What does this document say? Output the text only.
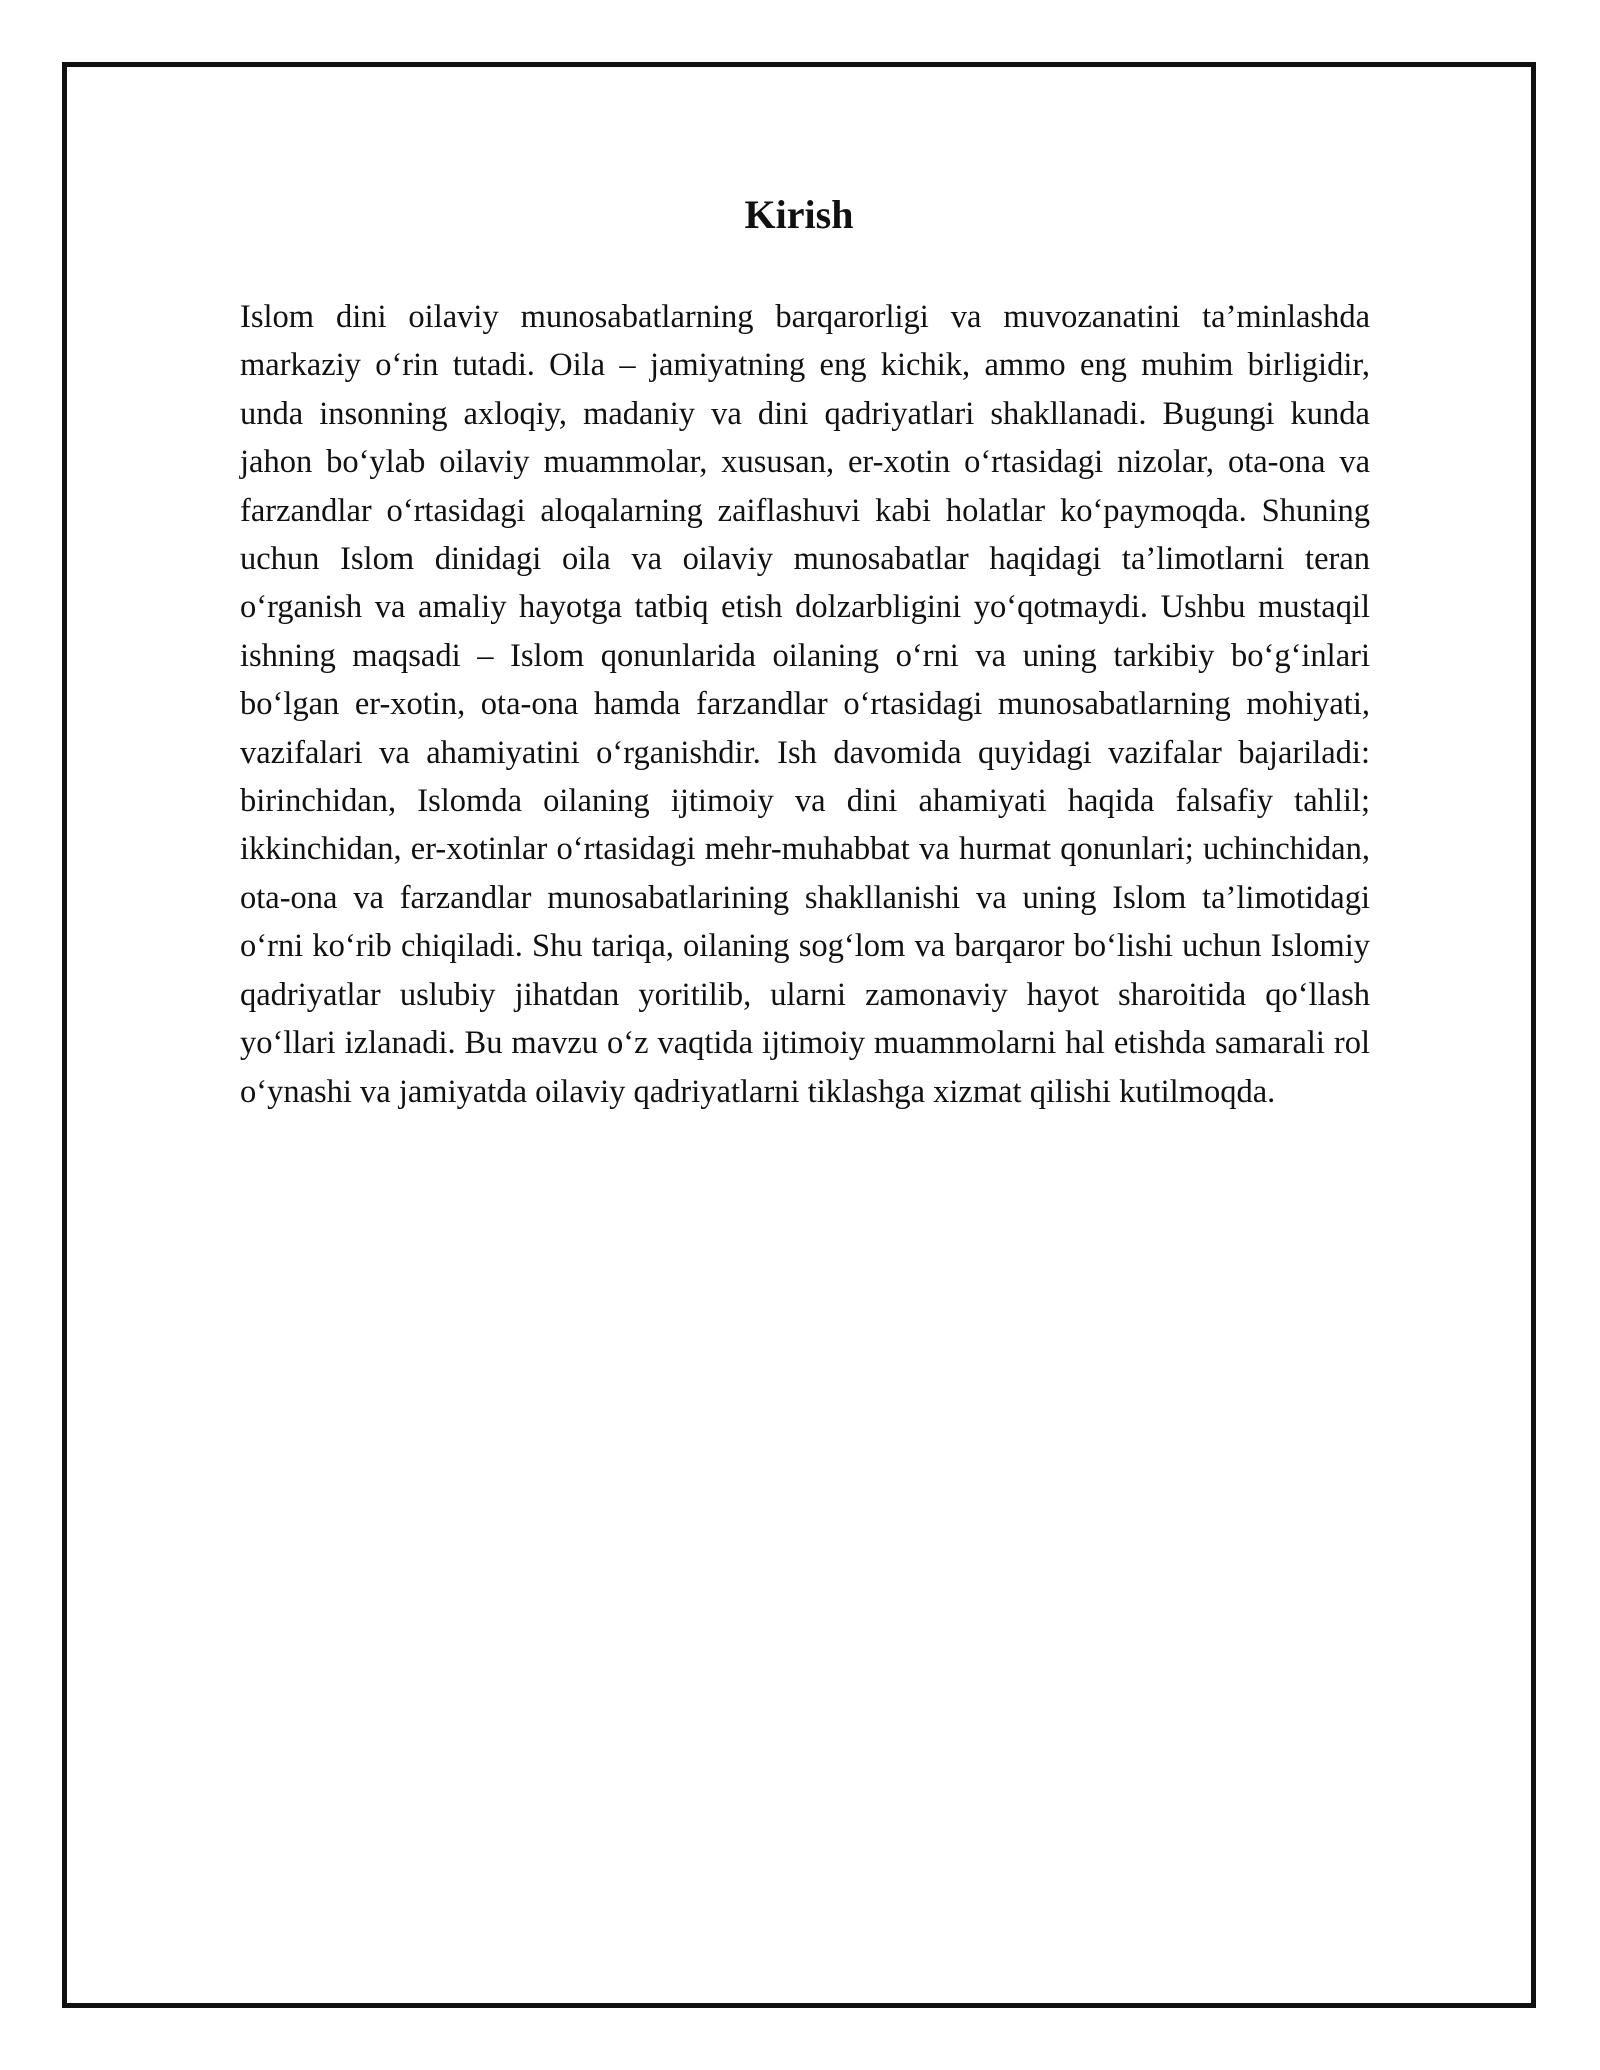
Kirish

Islom dini oilaviy munosabatlarning barqarorligi va muvozanatini ta’minlashda markaziy o‘rin tutadi. Oila – jamiyatning eng kichik, ammo eng muhim birligidir, unda insonning axloqiy, madaniy va dini qadriyatlari shakllanadi. Bugungi kunda jahon bo‘ylab oilaviy muammolar, xususan, er-xotin o‘rtasidagi nizolar, ota-ona va farzandlar o‘rtasidagi aloqalarning zaiflashuvi kabi holatlar ko‘paymoqda. Shuning uchun Islom dinidagi oila va oilaviy munosabatlar haqidagi ta’limotlarni teran o‘rganish va amaliy hayotga tatbiq etish dolzarbligini yo‘qotmaydi. Ushbu mustaqil ishning maqsadi – Islom qonunlarida oilaning o‘rni va uning tarkibiy bo‘g‘inlari bo‘lgan er-xotin, ota-ona hamda farzandlar o‘rtasidagi munosabatlarning mohiyati, vazifalari va ahamiyatini o‘rganishdir. Ish davomida quyidagi vazifalar bajariladi: birinchidan, Islomda oilaning ijtimoiy va dini ahamiyati haqida falsafiy tahlil; ikkinchidan, er-xotinlar o‘rtasidagi mehr-muhabbat va hurmat qonunlari; uchinchidan, ota-ona va farzandlar munosabatlarining shakllanishi va uning Islom ta’limotidagi o‘rni ko‘rib chiqiladi. Shu tariqa, oilaning sog‘lom va barqaror bo‘lishi uchun Islomiy qadriyatlar uslubiy jihatdan yoritilib, ularni zamonaviy hayot sharoitida qo‘llash yo‘llari izlanadi. Bu mavzu o‘z vaqtida ijtimoiy muammolarni hal etishda samarali rol o‘ynashi va jamiyatda oilaviy qadriyatlarni tiklashga xizmat qilishi kutilmoqda.
